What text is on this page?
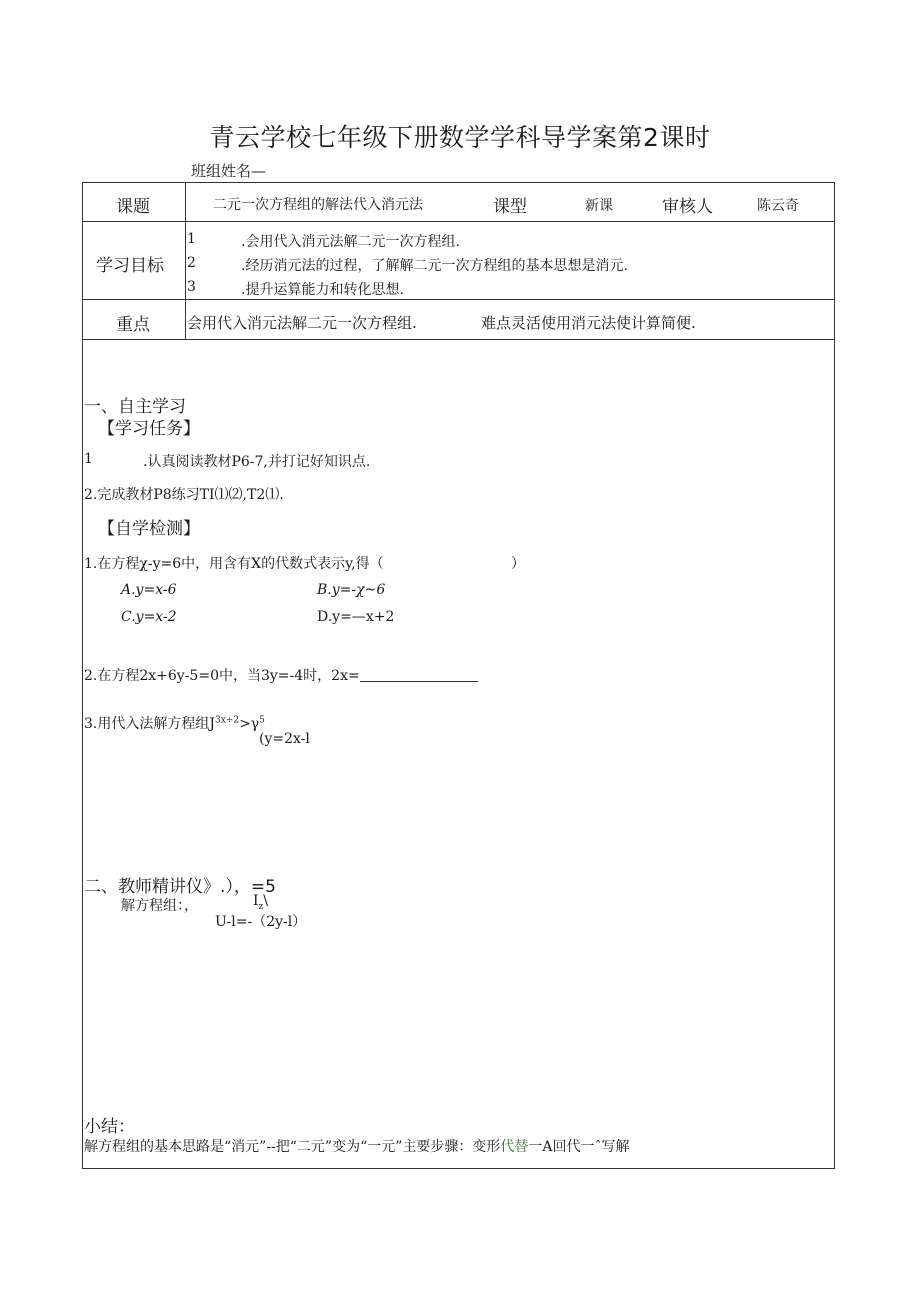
青云学校七年级下册数学学科导学案第2课时
班组姓名—
课题	二元一次方程组的解法代入消元法	课型	新课	审核人	陈云奇
学习目标
1	.会用代入消元法解二元一次方程组.
2	.经历消元法的过程，了解解二元一次方程组的基本思想是消元.
3	.提升运算能力和转化思想.
重点 会用代入消元法解二元一次方程组.	难点灵活使用消元法使计算简便.
一、自主学习
【学习任务】
1	.认真阅读教材P6-7,并打记好知识点.
2.完成教材P8练习TI⑴⑵,T2⑴.
【自学检测】
1.在方程χ-y=6中，用含有X的代数式表示y,得（	）
A.y=x-6	B.y=-χ~6
C.y=x-2	D.y=—x+2
2.在方程2x+6y-5=0中，当3y=-4时，2x=
3.用代入法解方程组$J^{3x\div 2}>\gamma^5$
(y=2x-l
二、教师精讲仪》.），=5
解方程组：，	$I_z\backslash$
U-l=-（2y-l）
小结：
解方程组的基本思路是“消元”--把“二元”变为“一元”主要步骤：变形代替一A回代一ˆ写解
